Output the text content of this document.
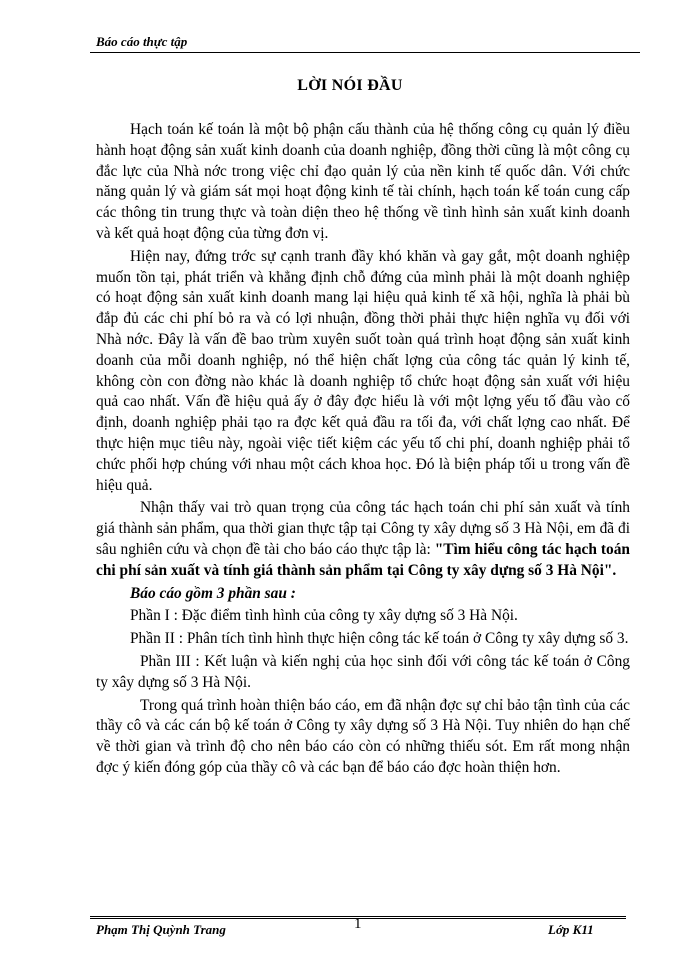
Báo cáo thực tập
LỜI NÓI ĐẦU

Hạch toán kế toán là một bộ phận cấu thành của hệ thống công cụ quản lý điều hành hoạt động sản xuất kinh doanh của doanh nghiệp, đồng thời cũng là một công cụ đắc lực của Nhà nớc trong việc chỉ đạo quản lý của nền kinh tế quốc dân. Với chức năng quản lý và giám sát mọi hoạt động kinh tế tài chính, hạch toán kế toán cung cấp các thông tin trung thực và toàn diện theo hệ thống về tình hình sản xuất kinh doanh và kết quả hoạt động của từng đơn vị.

Hiện nay, đứng trớc sự cạnh tranh đầy khó khăn và gay gắt, một doanh nghiệp muốn tồn tại, phát triển và khẳng định chỗ đứng của mình phải là một doanh nghiệp có hoạt động sản xuất kinh doanh mang lại hiệu quả kinh tế xã hội, nghĩa là phải bù đắp đủ các chi phí bỏ ra và có lợi nhuận, đồng thời phải thực hiện nghĩa vụ đối với Nhà nớc. Đây là vấn đề bao trùm xuyên suốt toàn quá trình hoạt động sản xuất kinh doanh của mỗi doanh nghiệp, nó thể hiện chất lợng của công tác quản lý kinh tế, không còn con đờng nào khác là doanh nghiệp tổ chức hoạt động sản xuất với hiệu quả cao nhất. Vấn đề hiệu quả ấy ở đây đợc hiểu là với một lợng yếu tố đầu vào cố định, doanh nghiệp phải tạo ra đợc kết quả đầu ra tối đa, với chất lợng cao nhất. Để thực hiện mục tiêu này, ngoài việc tiết kiệm các yếu tố chi phí, doanh nghiệp phải tổ chức phối hợp chúng với nhau một cách khoa học. Đó là biện pháp tối u trong vấn đề hiệu quả.

Nhận thấy vai trò quan trọng của công tác hạch toán chi phí sản xuất và tính giá thành sản phẩm, qua thời gian thực tập tại Công ty xây dựng số 3 Hà Nội, em đã đi sâu nghiên cứu và chọn đề tài cho báo cáo thực tập là: "Tìm hiểu công tác hạch toán chi phí sản xuất và tính giá thành sản phẩm tại Công ty xây dựng số 3 Hà Nội".

Báo cáo gồm 3 phần sau :

Phần I : Đặc điểm tình hình của công ty xây dựng số 3 Hà Nội.

Phần II : Phân tích tình hình thực hiện công tác kế toán ở Công ty xây dựng số 3.

Phần III : Kết luận và kiến nghị của học sinh đối với công tác kế toán ở Công ty xây dựng số 3 Hà Nội.

Trong quá trình hoàn thiện báo cáo, em đã nhận đợc sự chỉ bảo tận tình của các thầy cô và các cán bộ kế toán ở Công ty xây dựng số 3 Hà Nội. Tuy nhiên do hạn chế về thời gian và trình độ cho nên báo cáo còn có những thiếu sót. Em rất mong nhận đợc ý kiến đóng góp của thầy cô và các bạn để báo cáo đợc hoàn thiện hơn.

Phạm Thị Quỳnh Trang	1	Lớp K11
